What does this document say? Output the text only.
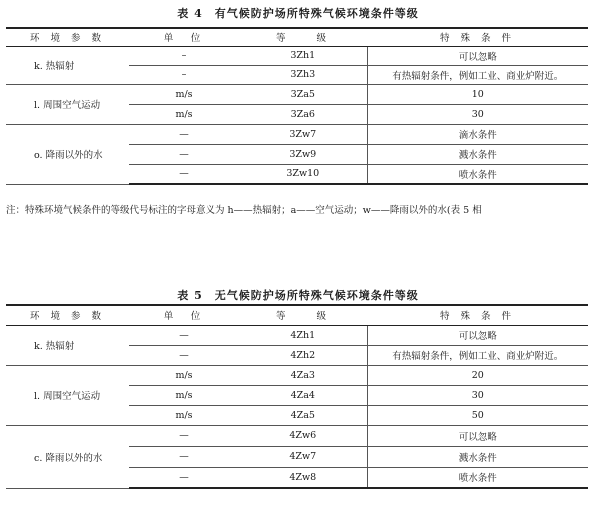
表 4　有气候防护场所特殊气候环境条件等级
环 境 参 数	单　位	等　　级	特 殊 条 件
k. 热辐射	–	3Zh1	可以忽略
	–	3Zh3	有热辐射条件，例如工业、商业炉附近。
l. 周围空气运动	m/s	3Za5	10
	m/s	3Za6	30
o. 降雨以外的水	—	3Zw7	滴水条件
	—	3Zw9	溅水条件
	—	3Zw10	喷水条件
注：特殊环境气候条件的等级代号标注的字母意义为 h——热辐射；a——空气运动；w——降雨以外的水(表 5 相
表 5　无气候防护场所特殊气候环境条件等级
环 境 参 数	单　位	等　　级	特 殊 条 件
k. 热辐射	—	4Zh1	可以忽略
	—	4Zh2	有热辐射条件，例如工业、商业炉附近。
l. 周围空气运动	m/s	4Za3	20
	m/s	4Za4	30
	m/s	4Za5	50
c. 降雨以外的水	—	4Zw6	可以忽略
	—	4Zw7	溅水条件
	—	4Zw8	喷水条件
